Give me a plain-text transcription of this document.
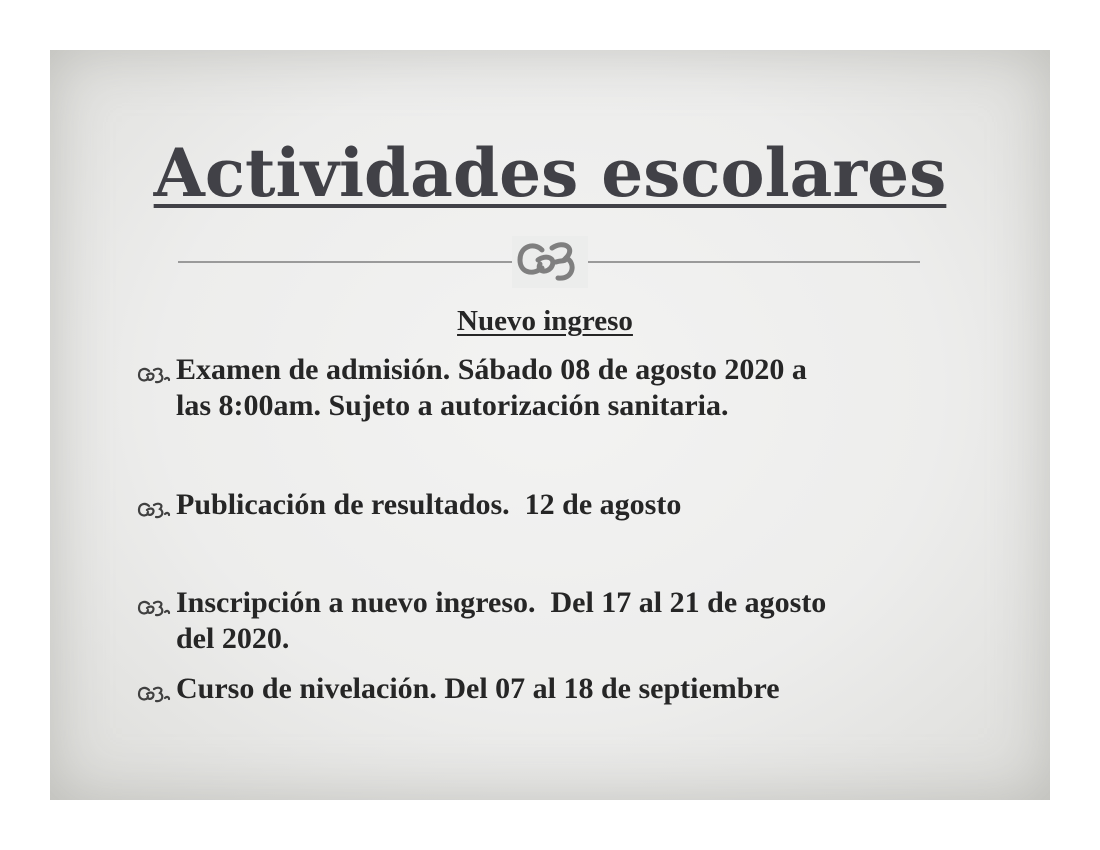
Actividades escolares
Nuevo ingreso
Examen de admisión. Sábado 08 de agosto 2020 a
las 8:00am. Sujeto a autorización sanitaria.
Publicación de resultados.  12 de agosto
Inscripción a nuevo ingreso.  Del 17 al 21 de agosto
del 2020.
Curso de nivelación. Del 07 al 18 de septiembre
